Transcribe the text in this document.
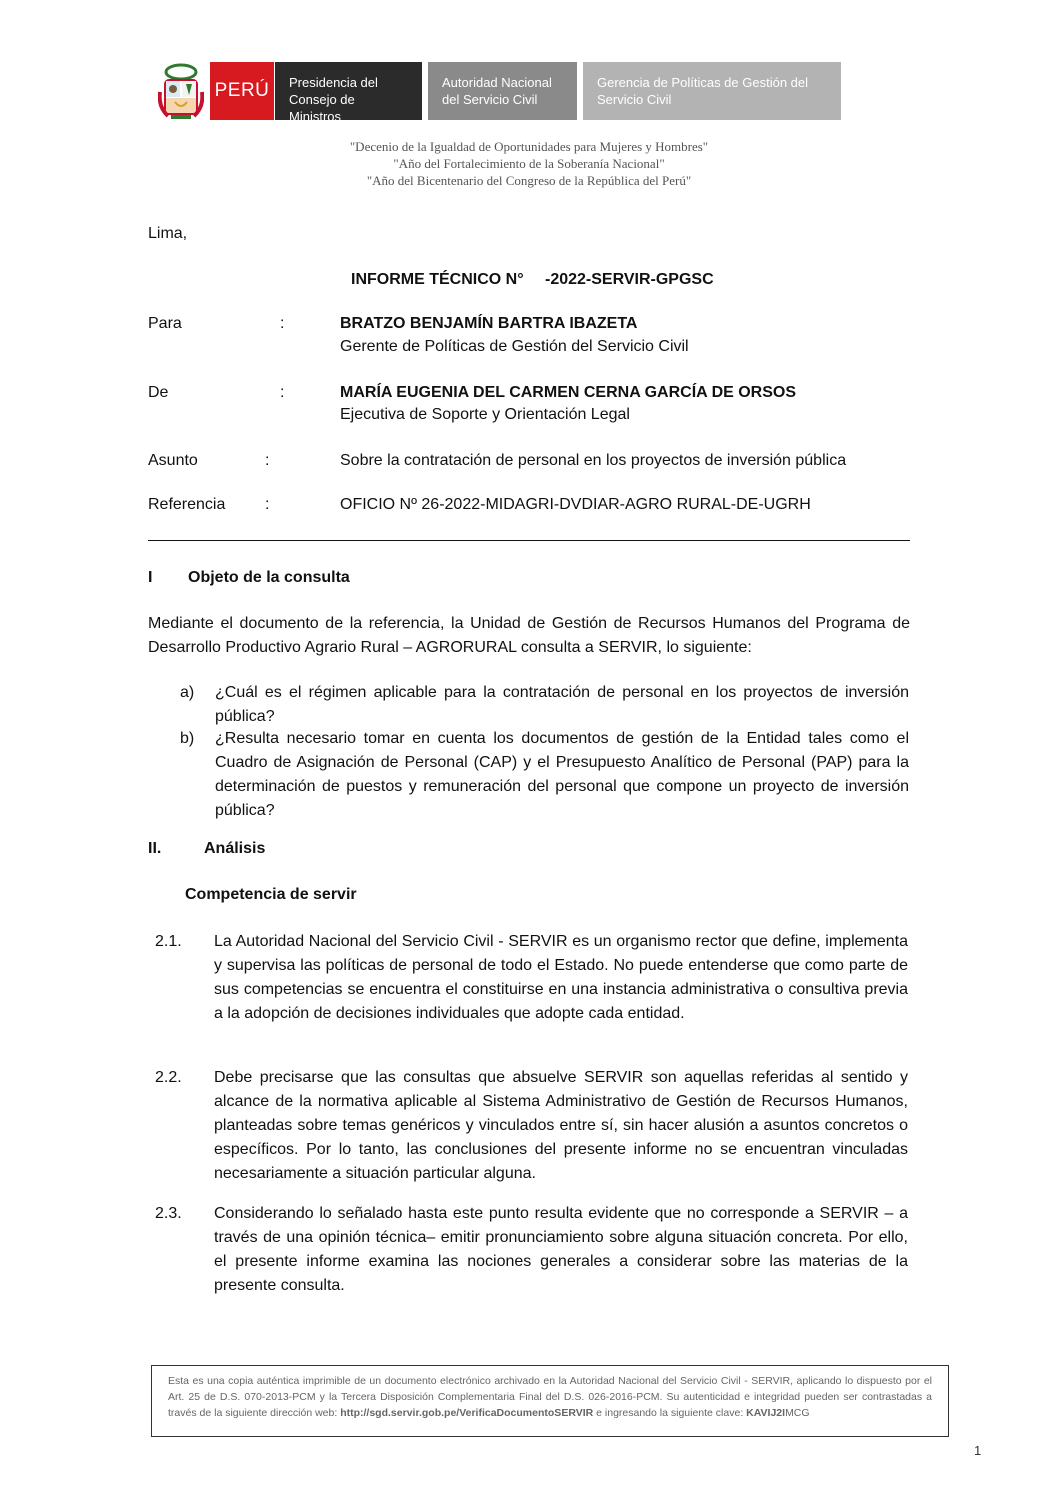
PERÚ Presidencia del
Consejo de Ministros
Autoridad Nacional
del Servicio Civil
Gerencia de Políticas de Gestión del
Servicio Civil
"Decenio de la Igualdad de Oportunidades para Mujeres y Hombres"
"Año del Fortalecimiento de la Soberanía Nacional"
"Año del Bicentenario del Congreso de la República del Perú"
Lima,
INFORME TÉCNICO N° -2022-SERVIR-GPGSC
Para	:	BRATZO BENJAMÍN BARTRA IBAZETA
Gerente de Políticas de Gestión del Servicio Civil
De	:	MARÍA EUGENIA DEL CARMEN CERNA GARCÍA DE ORSOS
Ejecutiva de Soporte y Orientación Legal
Asunto	:	Sobre la contratación de personal en los proyectos de inversión pública
Referencia :	OFICIO Nº 26-2022-MIDAGRI-DVDIAR-AGRO RURAL-DE-UGRH
I Objeto de la consulta
Mediante el documento de la referencia, la Unidad de Gestión de Recursos Humanos del Programa de Desarrollo Productivo Agrario Rural – AGRORURAL consulta a SERVIR, lo siguiente:
a) ¿Cuál es el régimen aplicable para la contratación de personal en los proyectos de inversión pública?
b) ¿Resulta necesario tomar en cuenta los documentos de gestión de la Entidad tales como el Cuadro de Asignación de Personal (CAP) y el Presupuesto Analítico de Personal (PAP) para la determinación de puestos y remuneración del personal que compone un proyecto de inversión pública?
II.	Análisis
Competencia de servir
2.1. La Autoridad Nacional del Servicio Civil - SERVIR es un organismo rector que define, implementa y supervisa las políticas de personal de todo el Estado. No puede entenderse que como parte de sus competencias se encuentra el constituirse en una instancia administrativa o consultiva previa a la adopción de decisiones individuales que adopte cada entidad.
2.2. Debe precisarse que las consultas que absuelve SERVIR son aquellas referidas al sentido y alcance de la normativa aplicable al Sistema Administrativo de Gestión de Recursos Humanos, planteadas sobre temas genéricos y vinculados entre sí, sin hacer alusión a asuntos concretos o específicos. Por lo tanto, las conclusiones del presente informe no se encuentran vinculadas necesariamente a situación particular alguna.
2.3. Considerando lo señalado hasta este punto resulta evidente que no corresponde a SERVIR – a través de una opinión técnica– emitir pronunciamiento sobre alguna situación concreta. Por ello, el presente informe examina las nociones generales a considerar sobre las materias de la presente consulta.
Esta es una copia auténtica imprimible de un documento electrónico archivado en la Autoridad Nacional del Servicio Civil - SERVIR, aplicando lo dispuesto por el Art. 25 de D.S. 070-2013-PCM y la Tercera Disposición Complementaria Final del D.S. 026-2016-PCM. Su autenticidad e integridad pueden ser contrastadas a través de la siguiente dirección web: http://sgd.servir.gob.pe/VerificaDocumentoSERVIR e ingresando la siguiente clave: KAVIJ2IMCG
1
